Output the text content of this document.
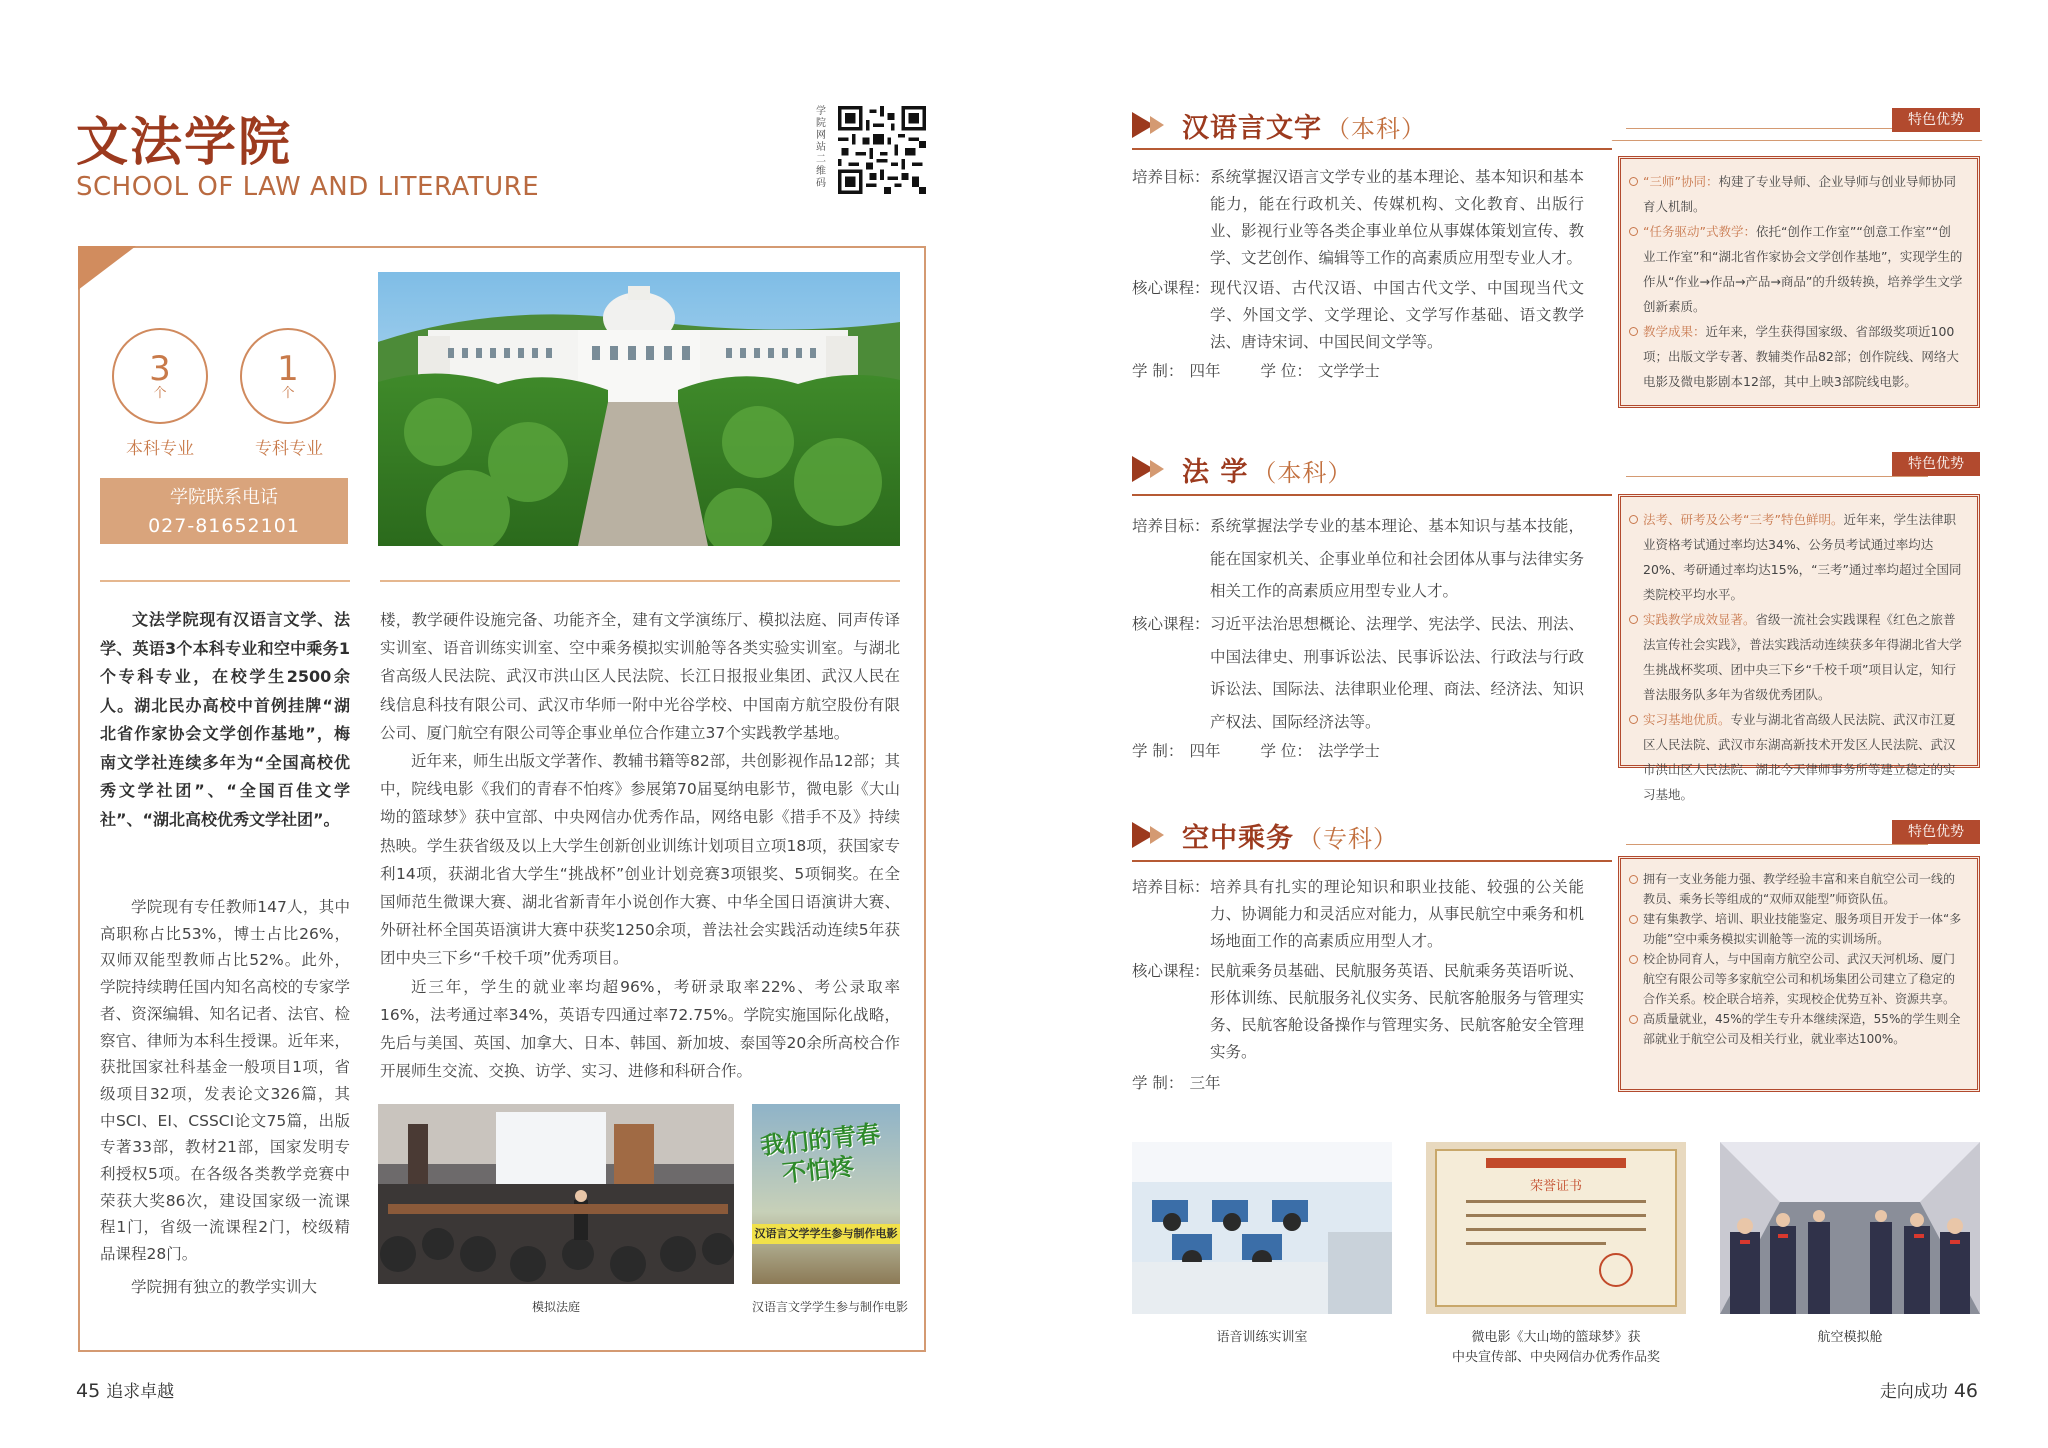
文法学院
SCHOOL OF LAW AND LITERATURE
学院网站二维码
3
个
本科专业
1
个
专科专业
学院联系电话
027-81652101
文法学院现有汉语言文学、法学、英语3个本科专业和空中乘务1个专科专业，在校学生2500余人。湖北民办高校中首例挂牌“湖北省作家协会文学创作基地”，梅南文学社连续多年为“全国高校优秀文学社团”、“全国百佳文学社”、“湖北高校优秀文学社团”。

学院现有专任教师147人，其中高职称占比53%，博士占比26%，双师双能型教师占比52%。此外，学院持续聘任国内知名高校的专家学者、资深编辑、知名记者、法官、检察官、律师为本科生授课。近年来，获批国家社科基金一般项目1项，省级项目32项，发表论文326篇，其中SCI、EI、CSSCI论文75篇，出版专著33部，教材21部，国家发明专利授权5项。在各级各类教学竞赛中荣获大奖86次，建设国家级一流课程1门，省级一流课程2门，校级精品课程28门。

学院拥有独立的教学实训大

楼，教学硬件设施完备、功能齐全，建有文学演练厅、模拟法庭、同声传译实训室、语音训练实训室、空中乘务模拟实训舱等各类实验实训室。与湖北省高级人民法院、武汉市洪山区人民法院、长江日报报业集团、武汉人民在线信息科技有限公司、武汉市华师一附中光谷学校、中国南方航空股份有限公司、厦门航空有限公司等企事业单位合作建立37个实践教学基地。

近年来，师生出版文学著作、教辅书籍等82部，共创影视作品12部；其中，院线电影《我们的青春不怕疼》参展第70届戛纳电影节，微电影《大山坳的篮球梦》获中宣部、中央网信办优秀作品，网络电影《措手不及》持续热映。学生获省级及以上大学生创新创业训练计划项目立项18项，获国家专利14项，获湖北省大学生“挑战杯”创业计划竞赛3项银奖、5项铜奖。在全国师范生微课大赛、湖北省新青年小说创作大赛、中华全国日语演讲大赛、外研社杯全国英语演讲大赛中获奖1250余项，普法社会实践活动连续5年获团中央三下乡“千校千项”优秀项目。

近三年，学生的就业率均超96%，考研录取率22%、考公录取率16%，法考通过率34%，英语专四通过率72.75%。学院实施国际化战略，先后与美国、英国、加拿大、日本、韩国、新加坡、泰国等20余所高校合作开展师生交流、交换、访学、实习、进修和科研合作。

我们的青春
不怕疼
汉语言文学学生参与制作电影
模拟法庭	汉语言文学学生参与制作电影
45 追求卓越
汉语言文字 （本科）	特色优势
培养目标： 系统掌握汉语言文学专业的基本理论、基本知识和基本能力，能在行政机关、传媒机构、文化教育、出版行业、影视行业等各类企事业单位从事媒体策划宣传、教学、文艺创作、编辑等工作的高素质应用型专业人才。
核心课程： 现代汉语、古代汉语、中国古代文学、中国现当代文学、外国文学、文学理论、文学写作基础、语文教学法、唐诗宋词、中国民间文学等。
学 制： 四年	学 位： 文学学士
“三师”协同：构建了专业导师、企业导师与创业导师协同育人机制。
“任务驱动”式教学：依托“创作工作室”“创意工作室”“创业工作室”和“湖北省作家协会文学创作基地”，实现学生的作从“作业→作品→产品→商品”的升级转换，培养学生文学创新素质。
教学成果：近年来，学生获得国家级、省部级奖项近100项；出版文学专著、教辅类作品82部；创作院线、网络大电影及微电影剧本12部，其中上映3部院线电影。
法 学 （本科）	特色优势
培养目标： 系统掌握法学专业的基本理论、基本知识与基本技能，能在国家机关、企事业单位和社会团体从事与法律实务相关工作的高素质应用型专业人才。
核心课程： 习近平法治思想概论、法理学、宪法学、民法、刑法、中国法律史、刑事诉讼法、民事诉讼法、行政法与行政诉讼法、国际法、法律职业伦理、商法、经济法、知识产权法、国际经济法等。
学 制： 四年	学 位： 法学学士
法考、研考及公考“三考”特色鲜明。近年来，学生法律职业资格考试通过率均达34%、公务员考试通过率均达20%、考研通过率均达15%，“三考”通过率均超过全国同类院校平均水平。
实践教学成效显著。省级一流社会实践课程《红色之旅普法宣传社会实践》，普法实践活动连续获多年得湖北省大学生挑战杯奖项、团中央三下乡“千校千项”项目认定，知行普法服务队多年为省级优秀团队。
实习基地优质。专业与湖北省高级人民法院、武汉市江夏区人民法院、武汉市东湖高新技术开发区人民法院、武汉市洪山区人民法院、湖北今天律师事务所等建立稳定的实习基地。
空中乘务 （专科）	特色优势
培养目标： 培养具有扎实的理论知识和职业技能、较强的公关能力、协调能力和灵活应对能力，从事民航空中乘务和机场地面工作的高素质应用型人才。
核心课程： 民航乘务员基础、民航服务英语、民航乘务英语听说、形体训练、民航服务礼仪实务、民航客舱服务与管理实务、民航客舱设备操作与管理实务、民航客舱安全管理实务。
学 制： 三年
拥有一支业务能力强、教学经验丰富和来自航空公司一线的教员、乘务长等组成的“双师双能型”师资队伍。
建有集教学、培训、职业技能鉴定、服务项目开发于一体“多功能”空中乘务模拟实训舱等一流的实训场所。
校企协同育人，与中国南方航空公司、武汉天河机场、厦门航空有限公司等多家航空公司和机场集团公司建立了稳定的合作关系。校企联合培养，实现校企优势互补、资源共享。
高质量就业，45%的学生专升本继续深造，55%的学生则全部就业于航空公司及相关行业，就业率达100%。
荣誉证书
语音训练实训室	微电影《大山坳的篮球梦》获
中央宣传部、中央网信办优秀作品奖
航空模拟舱
走向成功 46
